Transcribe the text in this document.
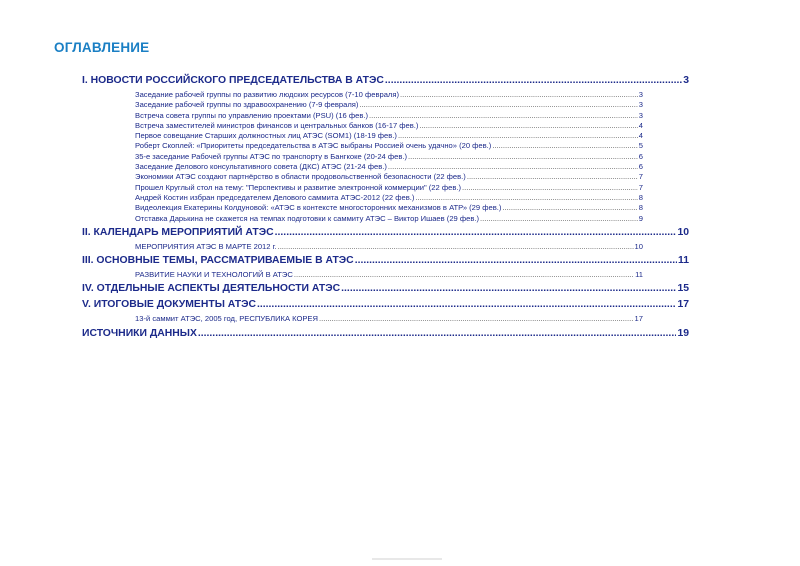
ОГЛАВЛЕНИЕ
I. НОВОСТИ РОССИЙСКОГО ПРЕДСЕДАТЕЛЬСТВА В АТЭС .....	3
Заседание рабочей группы по развитию людских ресурсов (7-10 февраля) .....	3
Заседание рабочей группы по здравоохранению (7-9 февраля) .....	3
Встреча совета группы по управлению проектами (PSU) (16 фев.) .....	3
Встреча заместителей министров финансов и центральных банков (16-17 фев.) .....	4
Первое совещание Старших должностных лиц АТЭС (SOM1) (18-19 фев.) .....	4
Роберт Скоплей: «Приоритеты председательства в АТЭС выбраны Россией очень удачно» (20 фев.) .....	5
35-е заседание Рабочей группы АТЭС по транспорту в Бангкоке (20-24 фев.) .....	6
Заседание Делового консультативного совета (ДКС) АТЭС (21-24 фев.) .....	6
Экономики АТЭС создают партнёрство в области продовольственной безопасности (22 фев.) .....	7
Прошел Круглый стол на тему: "Перспективы и развитие электронной коммерции" (22 фев.) .....	7
Андрей Костин избран председателем Делового саммита АТЭС-2012 (22 фев.) .....	8
Видеолекция Екатерины Колдуновой: «АТЭС в контексте многосторонних механизмов в АТР» (29 фев.) .....	8
Отставка Дарькина не скажется на темпах подготовки к саммиту АТЭС – Виктор Ишаев (29 фев.) .....	9
II. КАЛЕНДАРЬ МЕРОПРИЯТИЙ АТЭС .....	10
МЕРОПРИЯТИЯ АТЭС В МАРТЕ 2012 г. .....	10
III. ОСНОВНЫЕ ТЕМЫ, РАССМАТРИВАЕМЫЕ В АТЭС .....	11
РАЗВИТИЕ НАУКИ И ТЕХНОЛОГИЙ В АТЭС .....	11
IV. ОТДЕЛЬНЫЕ АСПЕКТЫ ДЕЯТЕЛЬНОСТИ АТЭС .....	15
V. ИТОГОВЫЕ ДОКУМЕНТЫ АТЭС .....	17
13-й саммит АТЭС, 2005 год, РЕСПУБЛИКА КОРЕЯ .....	17
ИСТОЧНИКИ ДАННЫХ .....	19
